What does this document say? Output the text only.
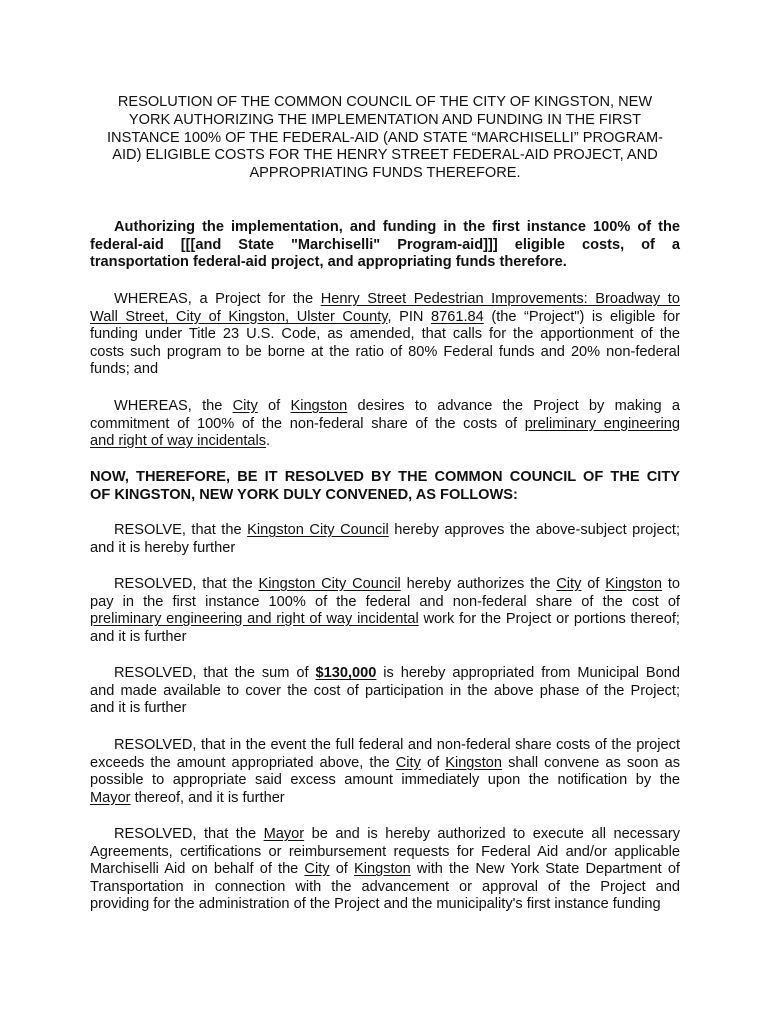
RESOLUTION OF THE COMMON COUNCIL OF THE CITY OF KINGSTON, NEW
YORK AUTHORIZING THE IMPLEMENTATION AND FUNDING IN THE FIRST
INSTANCE 100% OF THE FEDERAL-AID (AND STATE “MARCHISELLI” PROGRAM-
AID) ELIGIBLE COSTS FOR THE HENRY STREET FEDERAL-AID PROJECT, AND
APPROPRIATING FUNDS THEREFORE.
Authorizing the implementation, and funding in the first instance 100% of the
federal-aid [[[and State "Marchiselli" Program-aid]]] eligible costs, of a
transportation federal-aid project, and appropriating funds therefore.
WHEREAS, a Project for the Henry Street Pedestrian Improvements: Broadway to
Wall Street, City of Kingston, Ulster County, PIN 8761.84 (the “Project") is eligible for
funding under Title 23 U.S. Code, as amended, that calls for the apportionment of the
costs such program to be borne at the ratio of 80% Federal funds and 20% non-federal
funds; and
WHEREAS, the City of Kingston desires to advance the Project by making a
commitment of 100% of the non-federal share of the costs of preliminary engineering
and right of way incidentals.
NOW, THEREFORE, BE IT RESOLVED BY THE COMMON COUNCIL OF THE CITY
OF KINGSTON, NEW YORK DULY CONVENED, AS FOLLOWS:
RESOLVE, that the Kingston City Council hereby approves the above-subject project;
and it is hereby further
RESOLVED, that the Kingston City Council hereby authorizes the City of Kingston to
pay in the first instance 100% of the federal and non-federal share of the cost of
preliminary engineering and right of way incidental work for the Project or portions thereof;
and it is further
RESOLVED, that the sum of $130,000 is hereby appropriated from Municipal Bond
and made available to cover the cost of participation in the above phase of the Project;
and it is further
RESOLVED, that in the event the full federal and non-federal share costs of the project
exceeds the amount appropriated above, the City of Kingston shall convene as soon as
possible to appropriate said excess amount immediately upon the notification by the
Mayor thereof, and it is further
RESOLVED, that the Mayor be and is hereby authorized to execute all necessary
Agreements, certifications or reimbursement requests for Federal Aid and/or applicable
Marchiselli Aid on behalf of the City of Kingston with the New York State Department of
Transportation in connection with the advancement or approval of the Project and
providing for the administration of the Project and the municipality's first instance funding
